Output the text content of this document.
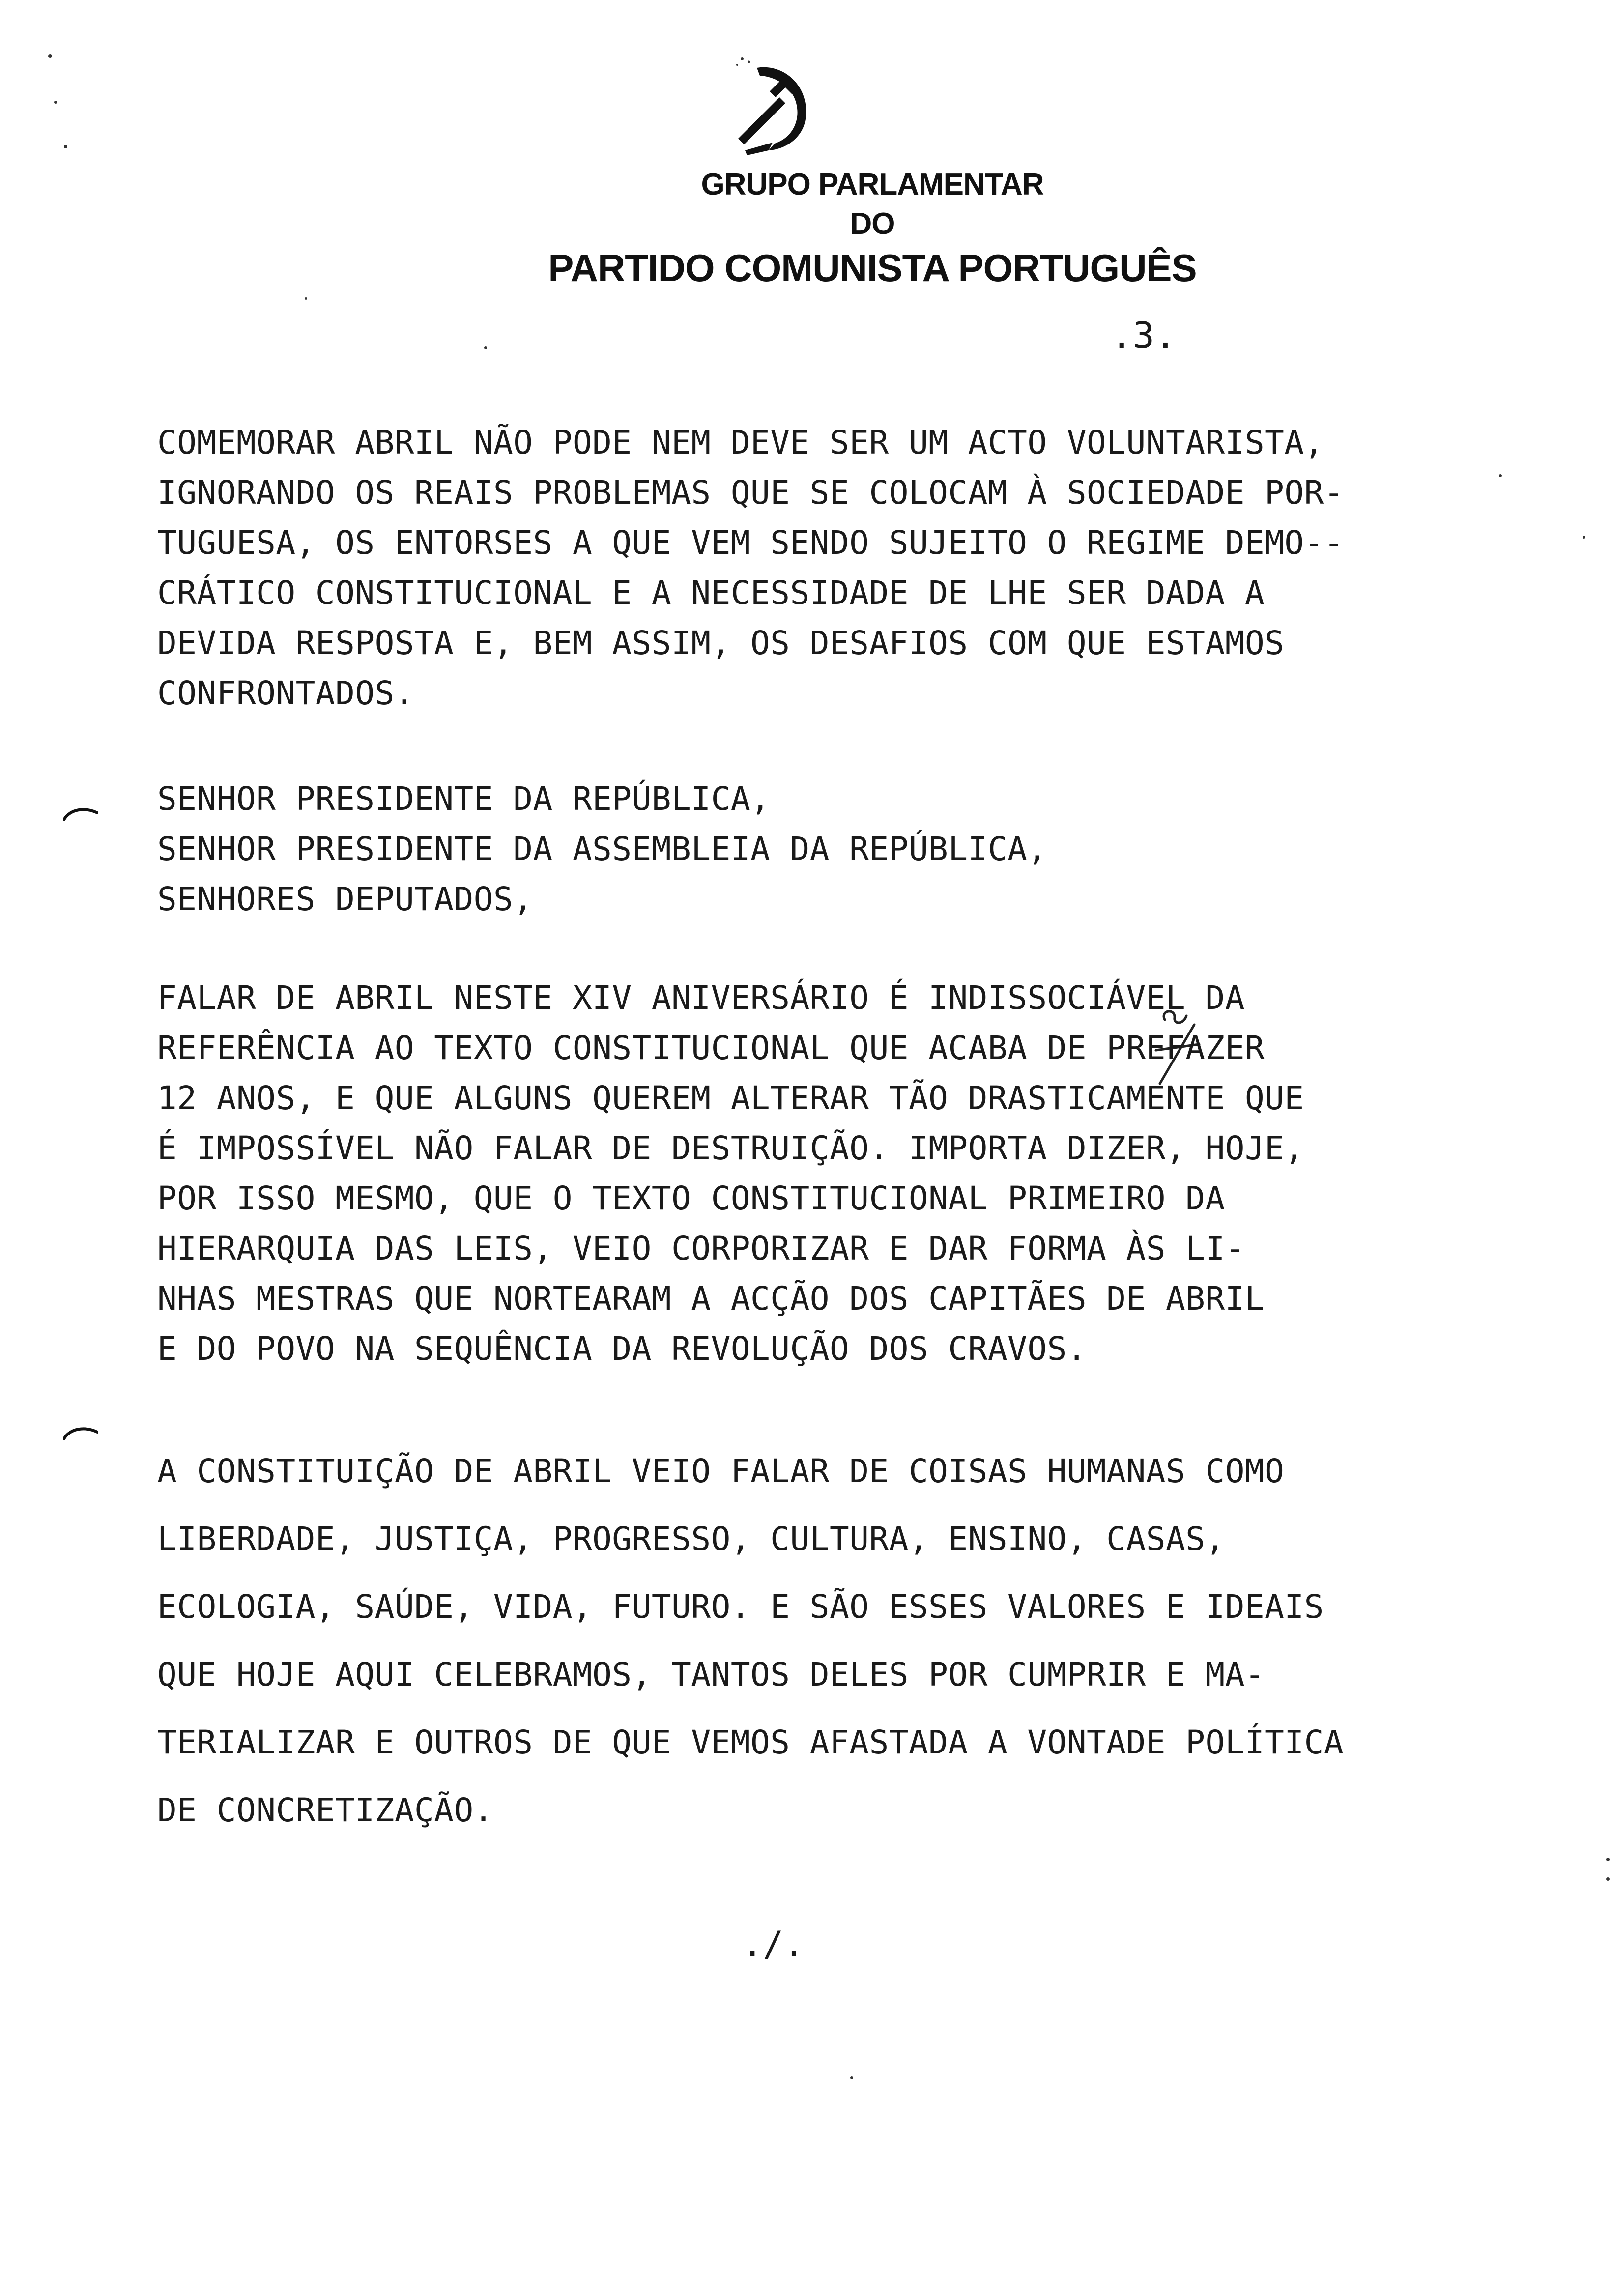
GRUPO PARLAMENTAR
DO
PARTIDO COMUNISTA PORTUGUÊS
.3.
COMEMORAR ABRIL NÃO PODE NEM DEVE SER UM ACTO VOLUNTARISTA,
IGNORANDO OS REAIS PROBLEMAS QUE SE COLOCAM À SOCIEDADE POR-
TUGUESA, OS ENTORSES A QUE VEM SENDO SUJEITO O REGIME DEMO--
CRÁTICO CONSTITUCIONAL E A NECESSIDADE DE LHE SER DADA A
DEVIDA RESPOSTA E, BEM ASSIM, OS DESAFIOS COM QUE ESTAMOS
CONFRONTADOS.
SENHOR PRESIDENTE DA REPÚBLICA,
SENHOR PRESIDENTE DA ASSEMBLEIA DA REPÚBLICA,
SENHORES DEPUTADOS,
FALAR DE ABRIL NESTE XIV ANIVERSÁRIO É INDISSOCIÁVEL DA
REFERÊNCIA AO TEXTO CONSTITUCIONAL QUE ACABA DE PREFAZER
12 ANOS, E QUE ALGUNS QUEREM ALTERAR TÃO DRASTICAMENTE QUE
É IMPOSSÍVEL NÃO FALAR DE DESTRUIÇÃO. IMPORTA DIZER, HOJE,
POR ISSO MESMO, QUE O TEXTO CONSTITUCIONAL PRIMEIRO DA
HIERARQUIA DAS LEIS, VEIO CORPORIZAR E DAR FORMA ÀS LI-
NHAS MESTRAS QUE NORTEARAM A ACÇÃO DOS CAPITÃES DE ABRIL
E DO POVO NA SEQUÊNCIA DA REVOLUÇÃO DOS CRAVOS.
A CONSTITUIÇÃO DE ABRIL VEIO FALAR DE COISAS HUMANAS COMO
LIBERDADE, JUSTIÇA, PROGRESSO, CULTURA, ENSINO, CASAS,
ECOLOGIA, SAÚDE, VIDA, FUTURO. E SÃO ESSES VALORES E IDEAIS
QUE HOJE AQUI CELEBRAMOS, TANTOS DELES POR CUMPRIR E MA-
TERIALIZAR E OUTROS DE QUE VEMOS AFASTADA A VONTADE POLÍTICA
DE CONCRETIZAÇÃO.
./.
